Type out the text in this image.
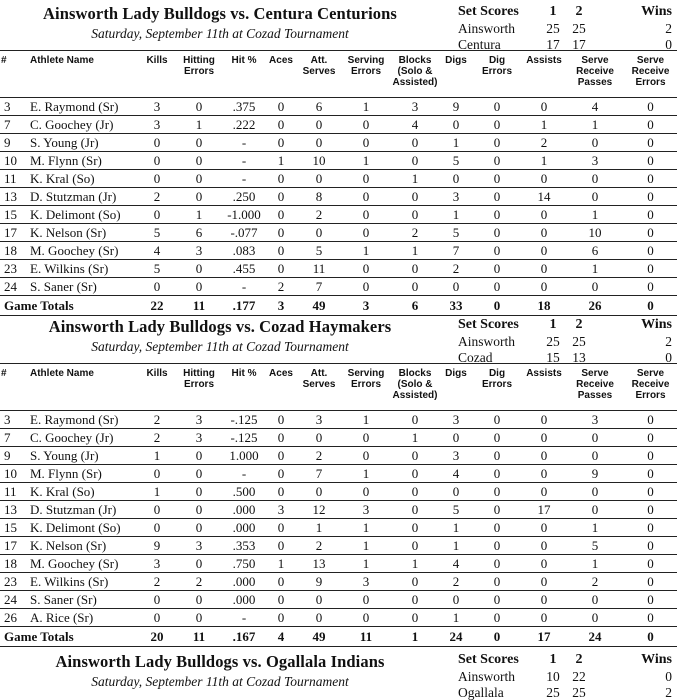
Ainsworth Lady Bulldogs vs. Centura Centurions
Saturday, September 11th at Cozad Tournament
Set Scores	1	2	Wins
Ainsworth	25 25	2
Centura	17 17	0
#	Athlete Name	Kills	Hitting Errors	Hit %	Aces	Att. Serves	Serving Errors	Blocks (Solo & Assisted)	Digs	Dig Errors	Assists	Serve Receive Passes	Serve Receive Errors
3	E. Raymond (Sr)	3	0	.375	0	6	1	3	9	0	0	4	0
7	C. Goochey (Jr)	3	1	.222	0	0	0	4	0	0	1	1	0
9	S. Young (Jr)	0	0	-	0	0	0	0	1	0	2	0	0
10	M. Flynn (Sr)	0	0	-	1	10	1	0	5	0	1	3	0
11	K. Kral (So)	0	0	-	0	0	0	1	0	0	0	0	0
13	D. Stutzman (Jr)	2	0	.250	0	8	0	0	3	0	14	0	0
15	K. Delimont (So)	0	1	-1.000	0	2	0	0	1	0	0	1	0
17	K. Nelson (Sr)	5	6	-.077	0	0	0	2	5	0	0	10	0
18	M. Goochey (Sr)	4	3	.083	0	5	1	1	7	0	0	6	0
23	E. Wilkins (Sr)	5	0	.455	0	11	0	0	2	0	0	1	0
24	S. Saner (Sr)	0	0	-	2	7	0	0	0	0	0	0	0
Game Totals		22	11	.177	3	49	3	6	33	0	18	26	0
Ainsworth Lady Bulldogs vs. Cozad Haymakers
Saturday, September 11th at Cozad Tournament
Set Scores	1	2	Wins
Ainsworth	25 25	2
Cozad	15 13	0
#	Athlete Name	Kills	Hitting Errors	Hit %	Aces	Att. Serves	Serving Errors	Blocks (Solo & Assisted)	Digs	Dig Errors	Assists	Serve Receive Passes	Serve Receive Errors
3	E. Raymond (Sr)	2	3	-.125	0	3	1	0	3	0	0	3	0
7	C. Goochey (Jr)	2	3	-.125	0	0	0	1	0	0	0	0	0
9	S. Young (Jr)	1	0	1.000	0	2	0	0	3	0	0	0	0
10	M. Flynn (Sr)	0	0	-	0	7	1	0	4	0	0	9	0
11	K. Kral (So)	1	0	.500	0	0	0	0	0	0	0	0	0
13	D. Stutzman (Jr)	0	0	.000	3	12	3	0	5	0	17	0	0
15	K. Delimont (So)	0	0	.000	0	1	1	0	1	0	0	1	0
17	K. Nelson (Sr)	9	3	.353	0	2	1	0	1	0	0	5	0
18	M. Goochey (Sr)	3	0	.750	1	13	1	1	4	0	0	1	0
23	E. Wilkins (Sr)	2	2	.000	0	9	3	0	2	0	0	2	0
24	S. Saner (Sr)	0	0	.000	0	0	0	0	0	0	0	0	0
26	A. Rice (Sr)	0	0	-	0	0	0	0	1	0	0	0	0
Game Totals		20	11	.167	4	49	11	1	24	0	17	24	0
Ainsworth Lady Bulldogs vs. Ogallala Indians
Saturday, September 11th at Cozad Tournament
Set Scores	1	2	Wins
Ainsworth	10 22	0
Ogallala	25 25	2
